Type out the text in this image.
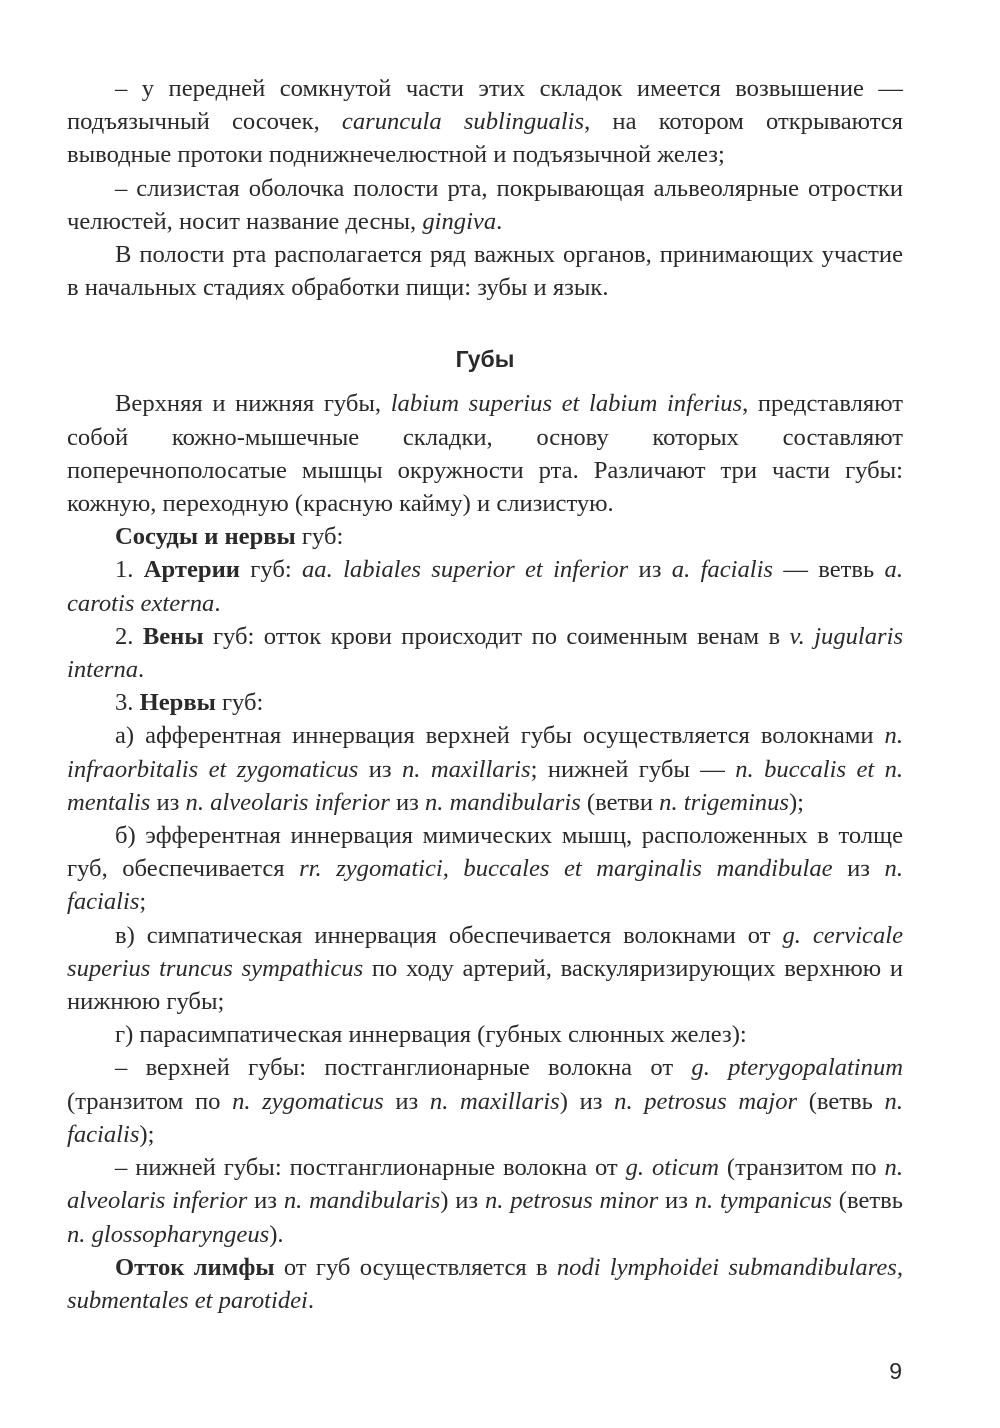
– у передней сомкнутой части этих складок имеется возвышение — подъязычный сосочек, caruncula sublingualis, на котором открываются выводные протоки поднижнечелюстной и подъязычной желез;

– слизистая оболочка полости рта, покрывающая альвеолярные отростки челюстей, носит название десны, gingiva.

В полости рта располагается ряд важных органов, принимающих участие в начальных стадиях обработки пищи: зубы и язык.

Губы

Верхняя и нижняя губы, labium superius et labium inferius, представляют собой кожно-мышечные складки, основу которых составляют поперечнополосатые мышцы окружности рта. Различают три части губы: кожную, переходную (красную кайму) и слизистую.

Сосуды и нервы губ:

1. Артерии губ: aa. labiales superior et inferior из a. facialis — ветвь a. carotis externa.

2. Вены губ: отток крови происходит по соименным венам в v. jugularis interna.

3. Нервы губ:

а) афферентная иннервация верхней губы осуществляется волокнами n. infraorbitalis et zygomaticus из n. maxillaris; нижней губы — n. buccalis et n. mentalis из n. alveolaris inferior из n. mandibularis (ветви n. trigeminus);

б) эфферентная иннервация мимических мышц, расположенных в толще губ, обеспечивается rr. zygomatici, buccales et marginalis mandibulae из n. facialis;

в) симпатическая иннервация обеспечивается волокнами от g. cervicale superius truncus sympathicus по ходу артерий, васкуляризирующих верхнюю и нижнюю губы;

г) парасимпатическая иннервация (губных слюнных желез):

– верхней губы: постганглионарные волокна от g. pterygopalatinum (транзитом по n. zygomaticus из n. maxillaris) из n. petrosus major (ветвь n. facialis);

– нижней губы: постганглионарные волокна от g. oticum (транзитом по n. alveolaris inferior из n. mandibularis) из n. petrosus minor из n. tympanicus (ветвь n. glossopharyngeus).

Отток лимфы от губ осуществляется в nodi lymphoidei submandibulares, submentales et parotidei.

9
